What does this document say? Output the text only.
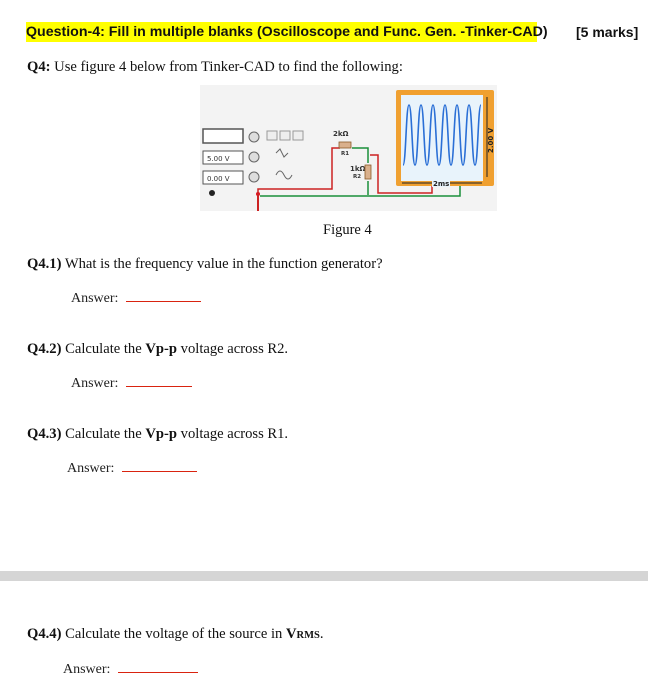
Question-4: Fill in multiple blanks (Oscilloscope and Func. Gen. -Tinker-CAD) [5 marks]
Q4: Use figure 4 below from Tinker-CAD to find the following:
5.00 V
0.00 V
2kΩ
R1
1kΩ
R2
2.00 V
2ms
Figure 4
Q4.1) What is the frequency value in the function generator?
Answer:
Q4.2) Calculate the Vp-p voltage across R2.
Answer:
Q4.3) Calculate the Vp-p voltage across R1.
Answer:
Q4.4) Calculate the voltage of the source in VRMS.
Answer:
